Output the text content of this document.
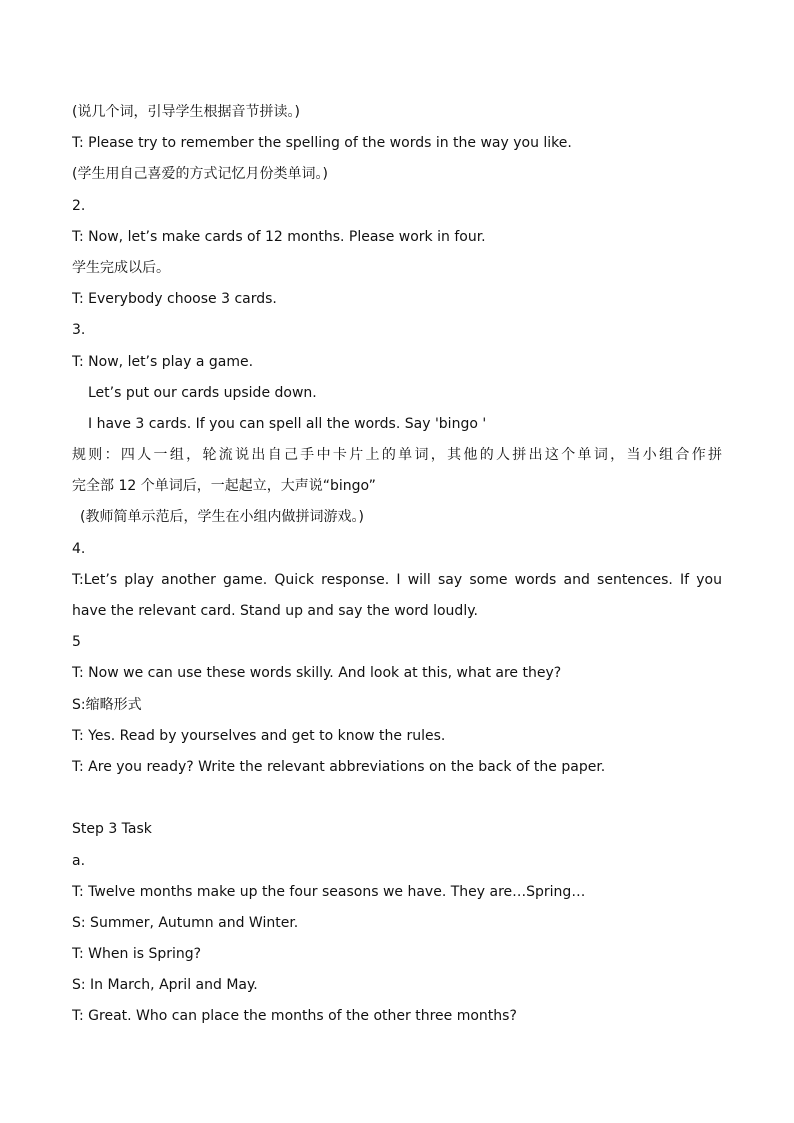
(说几个词，引导学生根据音节拼读。)
T: Please try to remember the spelling of the words in the way you like.
(学生用自己喜爱的方式记忆月份类单词。)
2.
T: Now, let’s make cards of 12 months. Please work in four.
学生完成以后。
T: Everybody choose 3 cards.
3.
T: Now, let’s play a game.
Let’s put our cards upside down.
I have 3 cards. If you can spell all the words. Say 'bingo '
规则：四人一组，轮流说出自己手中卡片上的单词，其他的人拼出这个单词，当小组合作拼
完全部 12 个单词后，一起起立，大声说“bingo”
(教师简单示范后，学生在小组内做拼词游戏。)
4.
T:Let’s play another game. Quick response. I will say some words and sentences. If you
have the relevant card. Stand up and say the word loudly.
5
T: Now we can use these words skilly. And look at this, what are they?
S:缩略形式
T: Yes. Read by yourselves and get to know the rules.
T: Are you ready? Write the relevant abbreviations on the back of the paper.
Step 3 Task
a.
T: Twelve months make up the four seasons we have. They are…Spring…
S: Summer, Autumn and Winter.
T: When is Spring?
S: In March, April and May.
T: Great. Who can place the months of the other three months?
